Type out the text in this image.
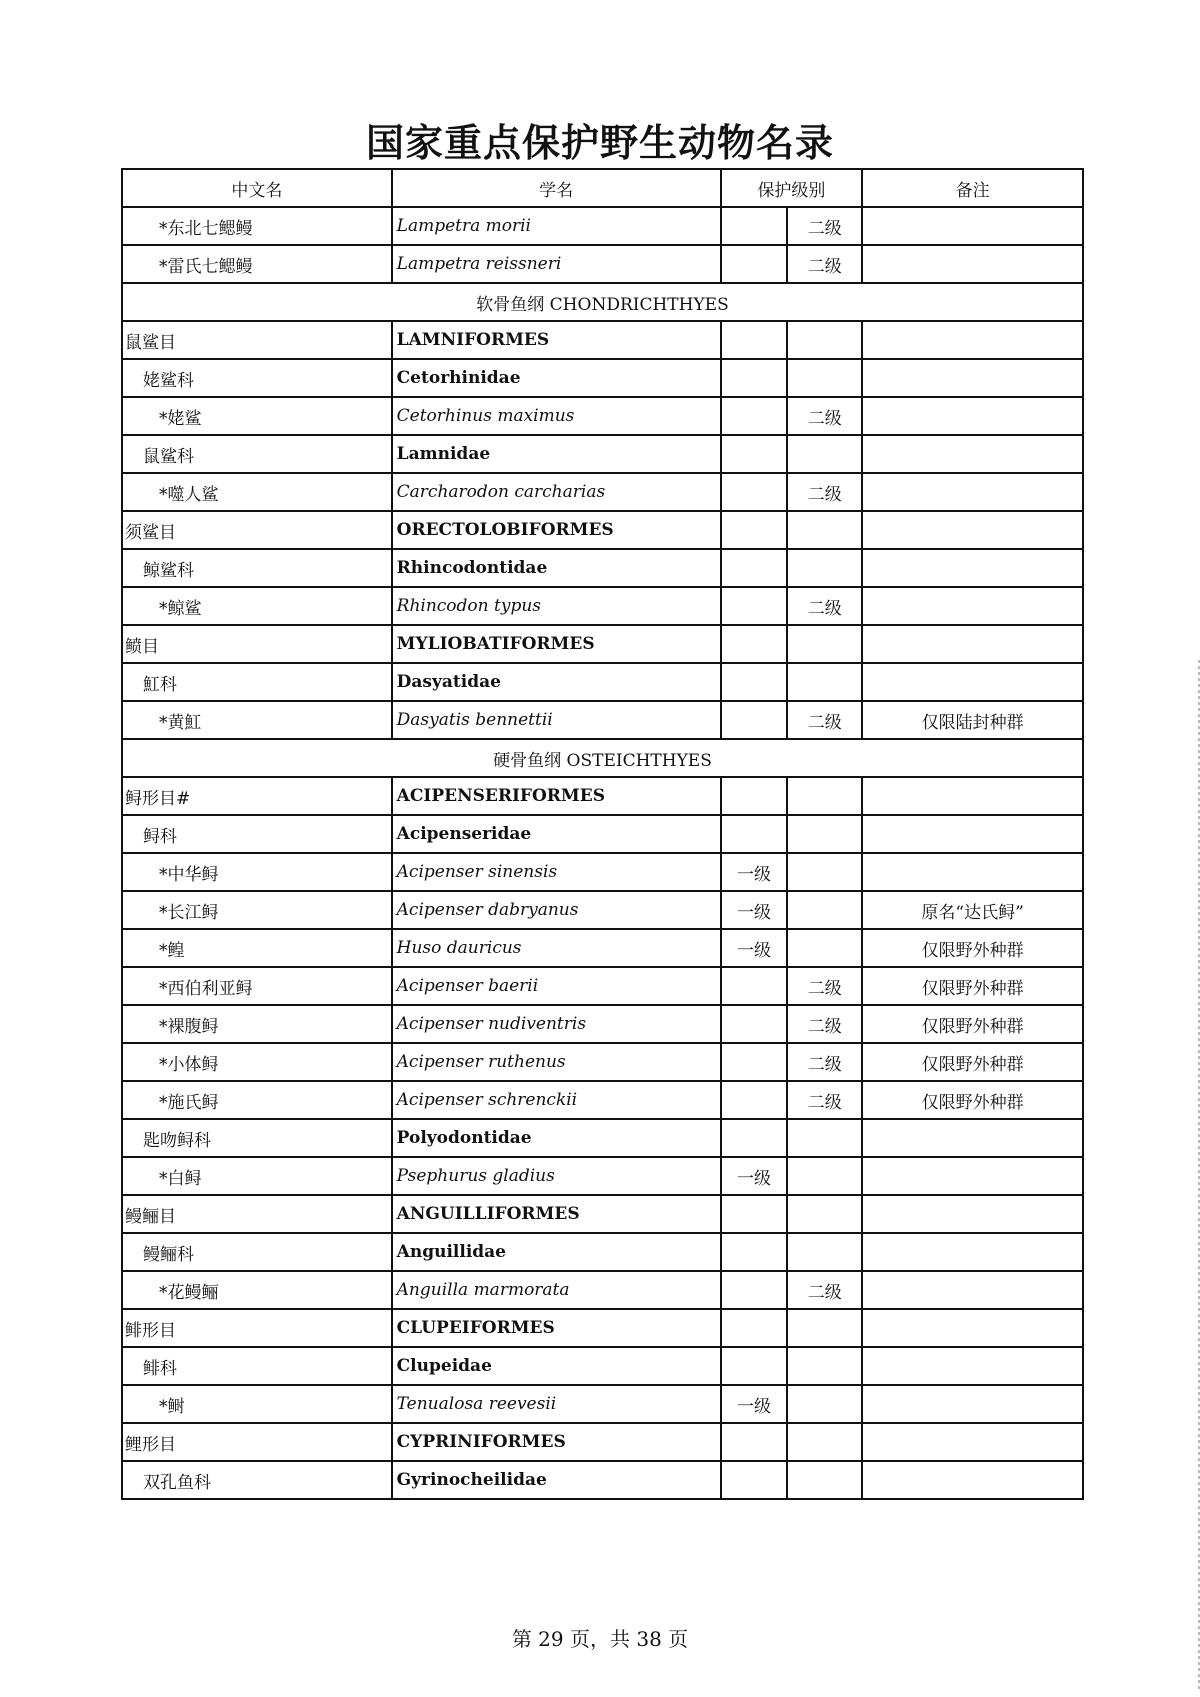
国家重点保护野生动物名录
中文名	学名	保护级别		备注
*东北七鳃鳗	Lampetra morii		二级	
*雷氏七鳃鳗	Lampetra reissneri		二级	
软骨鱼纲 CHONDRICHTHYES				
鼠鲨目	LAMNIFORMES			
姥鲨科	Cetorhinidae			
*姥鲨	Cetorhinus maximus		二级	
鼠鲨科	Lamnidae			
*噬人鲨	Carcharodon carcharias		二级	
须鲨目	ORECTOLOBIFORMES			
鲸鲨科	Rhincodontidae			
*鲸鲨	Rhincodon typus		二级	
鲼目	MYLIOBATIFORMES			
魟科	Dasyatidae			
*黄魟	Dasyatis bennettii		二级	仅限陆封种群
硬骨鱼纲 OSTEICHTHYES				
鲟形目#	ACIPENSERIFORMES			
鲟科	Acipenseridae			
*中华鲟	Acipenser sinensis	一级		
*长江鲟	Acipenser dabryanus	一级		原名“达氏鲟”
*鳇	Huso dauricus	一级		仅限野外种群
*西伯利亚鲟	Acipenser baerii		二级	仅限野外种群
*裸腹鲟	Acipenser nudiventris		二级	仅限野外种群
*小体鲟	Acipenser ruthenus		二级	仅限野外种群
*施氏鲟	Acipenser schrenckii		二级	仅限野外种群
匙吻鲟科	Polyodontidae			
*白鲟	Psephurus gladius	一级		
鳗鲡目	ANGUILLIFORMES			
鳗鲡科	Anguillidae			
*花鳗鲡	Anguilla marmorata		二级	
鲱形目	CLUPEIFORMES			
鲱科	Clupeidae			
*鲥	Tenualosa reevesii	一级		
鲤形目	CYPRINIFORMES			
双孔鱼科	Gyrinocheilidae			
第 29 页，共 38 页
